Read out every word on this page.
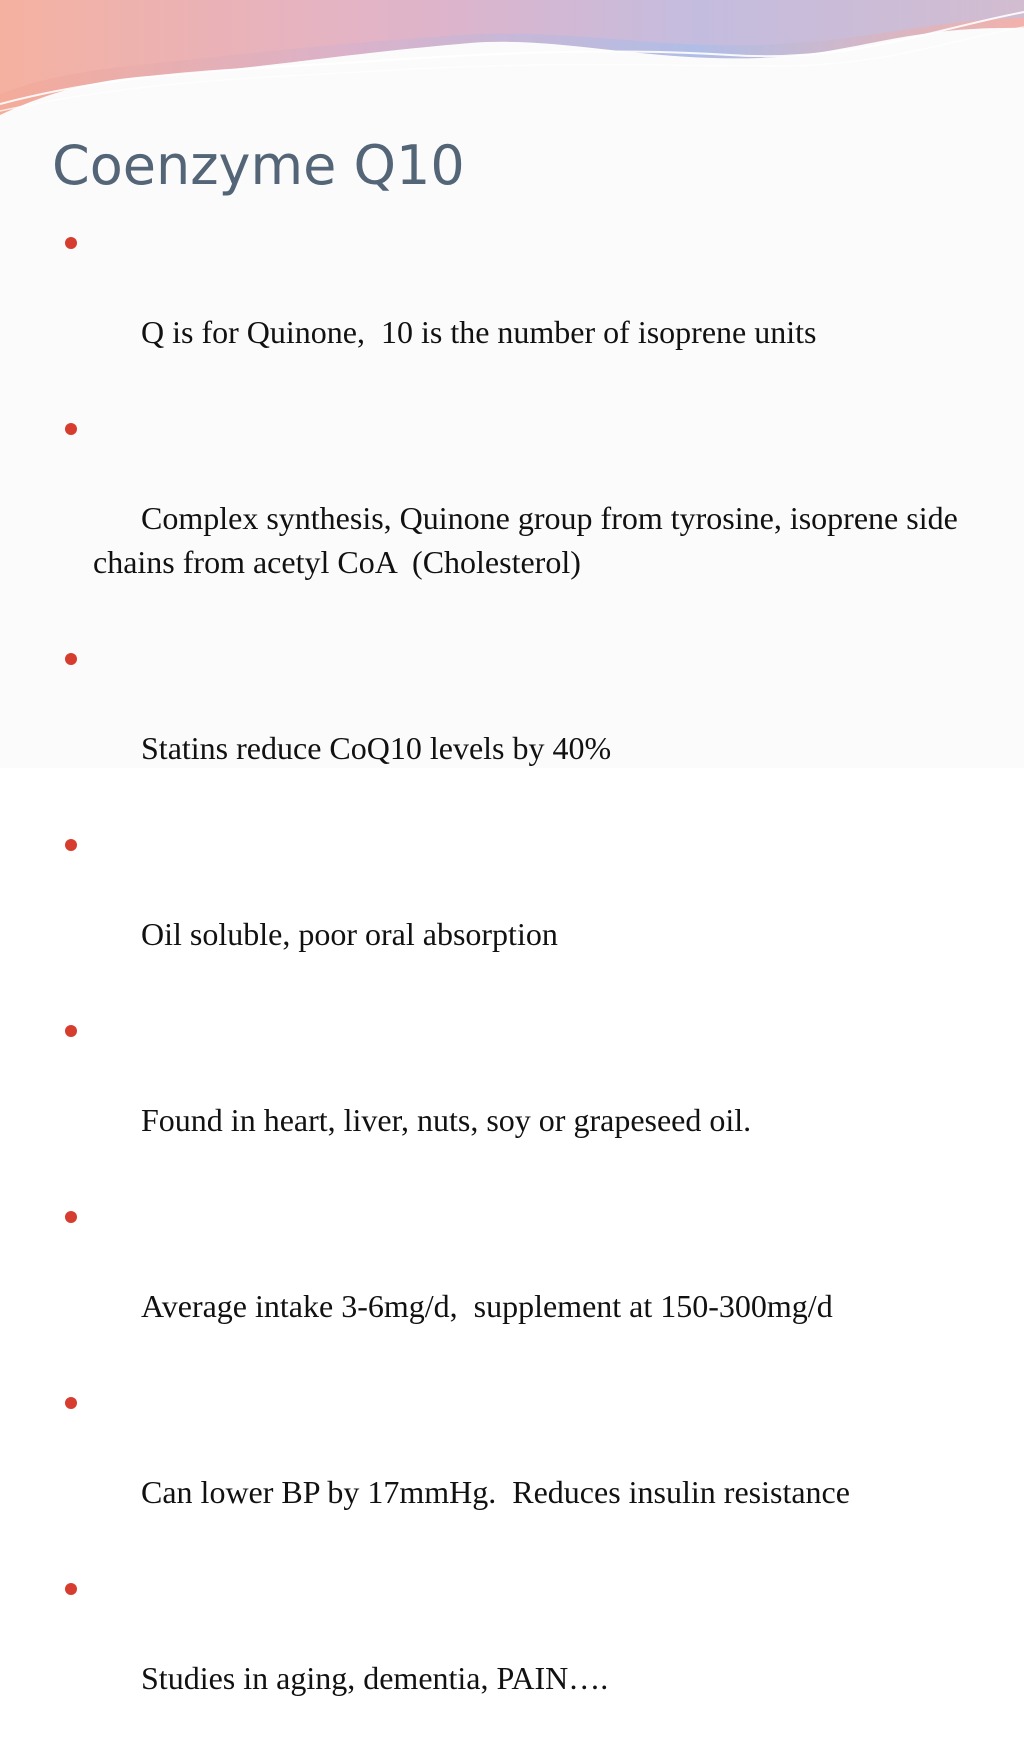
Coenzyme Q10

Q is for Quinone,  10 is the number of isoprene units

Complex synthesis, Quinone group from tyrosine, isoprene side chains from acetyl CoA  (Cholesterol)

Statins reduce CoQ10 levels by 40%

Oil soluble, poor oral absorption

Found in heart, liver, nuts, soy or grapeseed oil.

Average intake 3-6mg/d,  supplement at 150-300mg/d

Can lower BP by 17mmHg.  Reduces insulin resistance

Studies in aging, dementia, PAIN….
